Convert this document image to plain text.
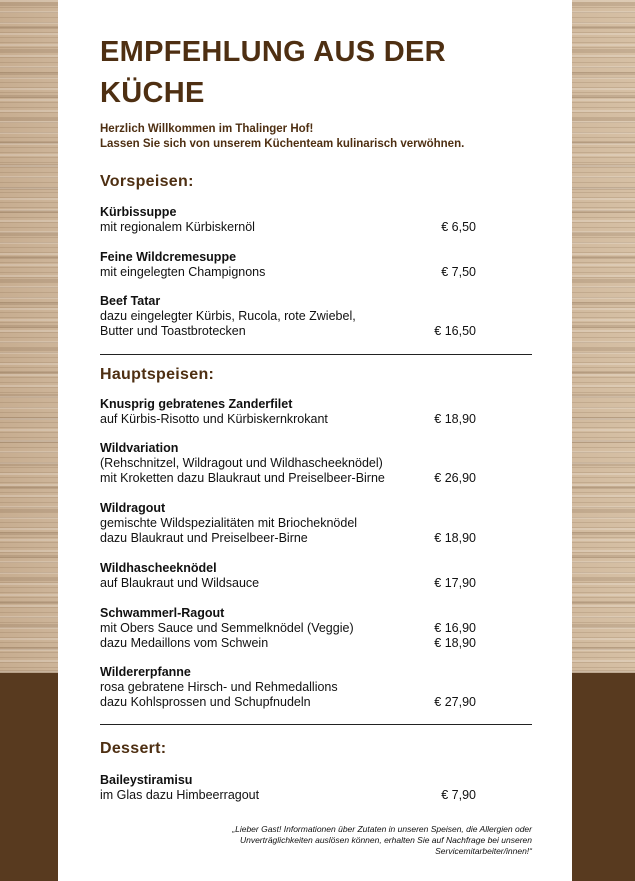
EMPFEHLUNG AUS DER KÜCHE
Herzlich Willkommen im Thalinger Hof!
Lassen Sie sich von unserem Küchenteam kulinarisch verwöhnen.
Vorspeisen:
Kürbissuppe
mit regionalem Kürbiskernöl	€ 6,50
Feine Wildcremesuppe
mit eingelegten Champignons	€ 7,50
Beef Tatar
dazu eingelegter Kürbis, Rucola, rote Zwiebel,
Butter und Toastbrotecken	€ 16,50
Hauptspeisen:
Knusprig gebratenes Zanderfilet
auf Kürbis-Risotto und Kürbiskernkrokant	€ 18,90
Wildvariation
(Rehschnitzel, Wildragout und Wildhascheeknödel)
mit Kroketten dazu Blaukraut und Preiselbeer-Birne	€ 26,90
Wildragout
gemischte Wildspezialitäten mit Briocheknödel
dazu Blaukraut und Preiselbeer-Birne	€ 18,90
Wildhascheeknödel
auf Blaukraut und Wildsauce	€ 17,90
Schwammerl-Ragout
mit Obers Sauce und Semmelknödel (Veggie)	€ 16,90
dazu Medaillons vom Schwein	€ 18,90
Wildererpfanne
rosa gebratene Hirsch- und Rehmedallions
dazu Kohlsprossen und Schupfnudeln	€ 27,90
Dessert:
Baileystiramisu
im Glas dazu Himbeerragout	€ 7,90
„Lieber Gast! Informationen über Zutaten in unseren Speisen, die Allergien oder
Unverträglichkeiten auslösen können, erhalten Sie auf Nachfrage bei unseren
Servicemitarbeiter/innen!“
